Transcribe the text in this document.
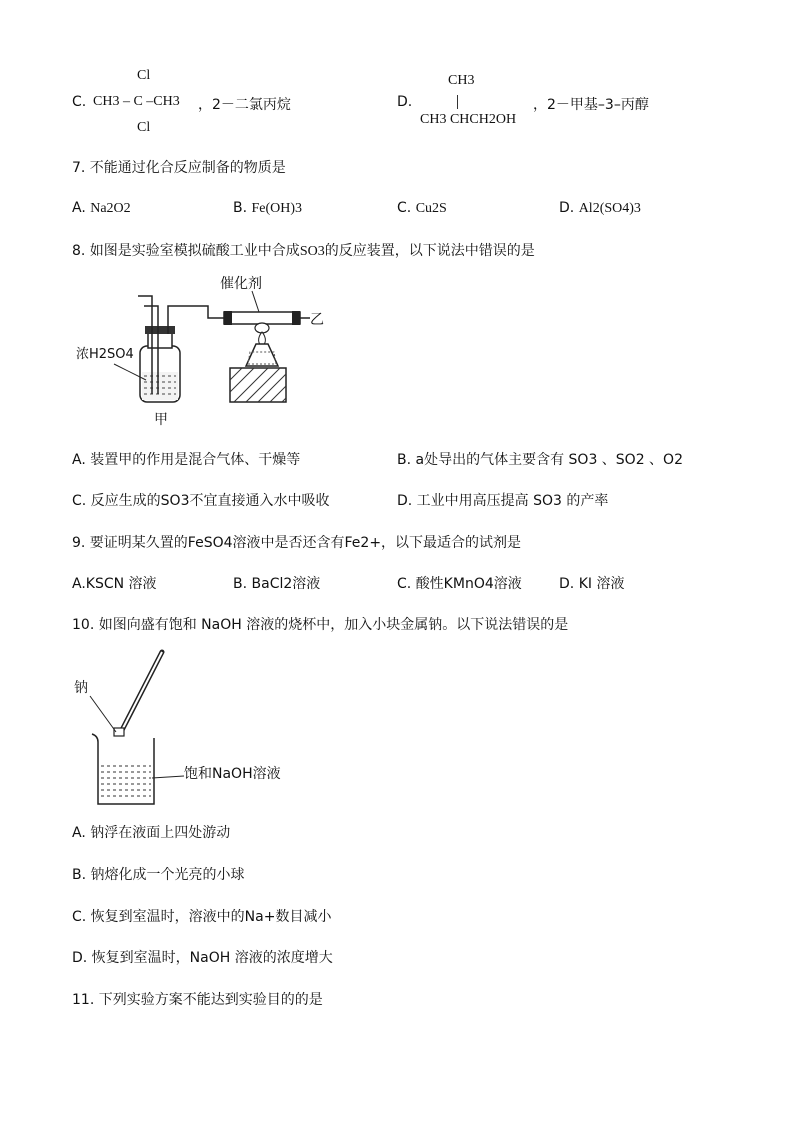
Cl
C. CH3 – C –CH3 ，2－二氯丙烷
Cl
CH3
D.
CH3 CHCH2OH
，2－甲基–3–丙醇
7. 不能通过化合反应制备的物质是
A. Na2O2	B. Fe(OH)3	C. Cu2S	D. Al2(SO4)3
8. 如图是实验室模拟硫酸工业中合成SO3的反应装置，以下说法中错误的是
催化剂
浓H2SO4
甲
乙
A. 装置甲的作用是混合气体、干燥等	B. a处导出的气体主要含有 SO3 、SO2 、O2
C. 反应生成的SO3不宜直接通入水中吸收	D. 工业中用高压提高 SO3 的产率
9. 要证明某久置的FeSO4溶液中是否还含有Fe2+，以下最适合的试剂是
A.KSCN 溶液	B. BaCl2溶液	C. 酸性KMnO4溶液	D. KI 溶液
10. 如图向盛有饱和 NaOH 溶液的烧杯中，加入小块金属钠。以下说法错误的是
钠
饱和NaOH溶液
A. 钠浮在液面上四处游动
B. 钠熔化成一个光亮的小球
C. 恢复到室温时，溶液中的Na+数目减小
D. 恢复到室温时，NaOH 溶液的浓度增大
11. 下列实验方案不能达到实验目的的是
